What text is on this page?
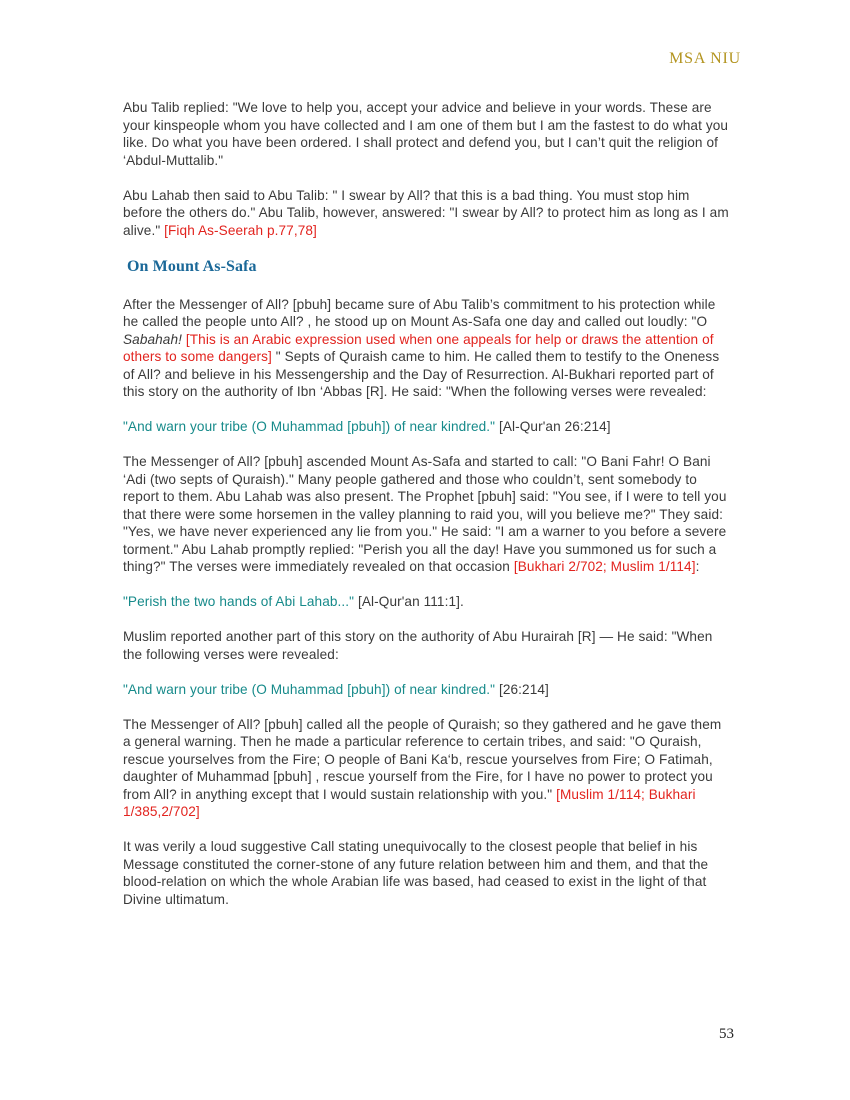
MSA NIU

Abu Talib replied: "We love to help you, accept your advice and believe in your words. These are your kinspeople whom you have collected and I am one of them but I am the fastest to do what you like. Do what you have been ordered. I shall protect and defend you, but I can’t quit the religion of ‘Abdul-Muttalib."

Abu Lahab then said to Abu Talib: " I swear by All? that this is a bad thing. You must stop him before the others do." Abu Talib, however, answered: "I swear by All? to protect him as long as I am alive." [Fiqh As-Seerah p.77,78]

On Mount As-Safa

After the Messenger of All? [pbuh] became sure of Abu Talib’s commitment to his protection while he called the people unto All? , he stood up on Mount As-Safa one day and called out loudly: "O Sabahah! [This is an Arabic expression used when one appeals for help or draws the attention of others to some dangers] " Septs of Quraish came to him. He called them to testify to the Oneness of All? and believe in his Messengership and the Day of Resurrection. Al-Bukhari reported part of this story on the authority of Ibn ‘Abbas [R]. He said: "When the following verses were revealed:

"And warn your tribe (O Muhammad [pbuh]) of near kindred." [Al-Qur'an 26:214]

The Messenger of All? [pbuh] ascended Mount As-Safa and started to call: "O Bani Fahr! O Bani ‘Adi (two septs of Quraish)." Many people gathered and those who couldn’t, sent somebody to report to them. Abu Lahab was also present. The Prophet [pbuh] said: "You see, if I were to tell you that there were some horsemen in the valley planning to raid you, will you believe me?" They said: "Yes, we have never experienced any lie from you." He said: "I am a warner to you before a severe torment." Abu Lahab promptly replied: "Perish you all the day! Have you summoned us for such a thing?" The verses were immediately revealed on that occasion [Bukhari 2/702; Muslim 1/114]:

"Perish the two hands of Abi Lahab..." [Al-Qur'an 111:1].

Muslim reported another part of this story on the authority of Abu Hurairah [R] — He said: "When the following verses were revealed:

"And warn your tribe (O Muhammad [pbuh]) of near kindred." [26:214]

The Messenger of All? [pbuh] called all the people of Quraish; so they gathered and he gave them a general warning. Then he made a particular reference to certain tribes, and said: "O Quraish, rescue yourselves from the Fire; O people of Bani Ka‘b, rescue yourselves from Fire; O Fatimah, daughter of Muhammad [pbuh] , rescue yourself from the Fire, for I have no power to protect you from All? in anything except that I would sustain relationship with you." [Muslim 1/114; Bukhari 1/385,2/702]

It was verily a loud suggestive Call stating unequivocally to the closest people that belief in his Message constituted the corner-stone of any future relation between him and them, and that the blood-relation on which the whole Arabian life was based, had ceased to exist in the light of that Divine ultimatum.

53
